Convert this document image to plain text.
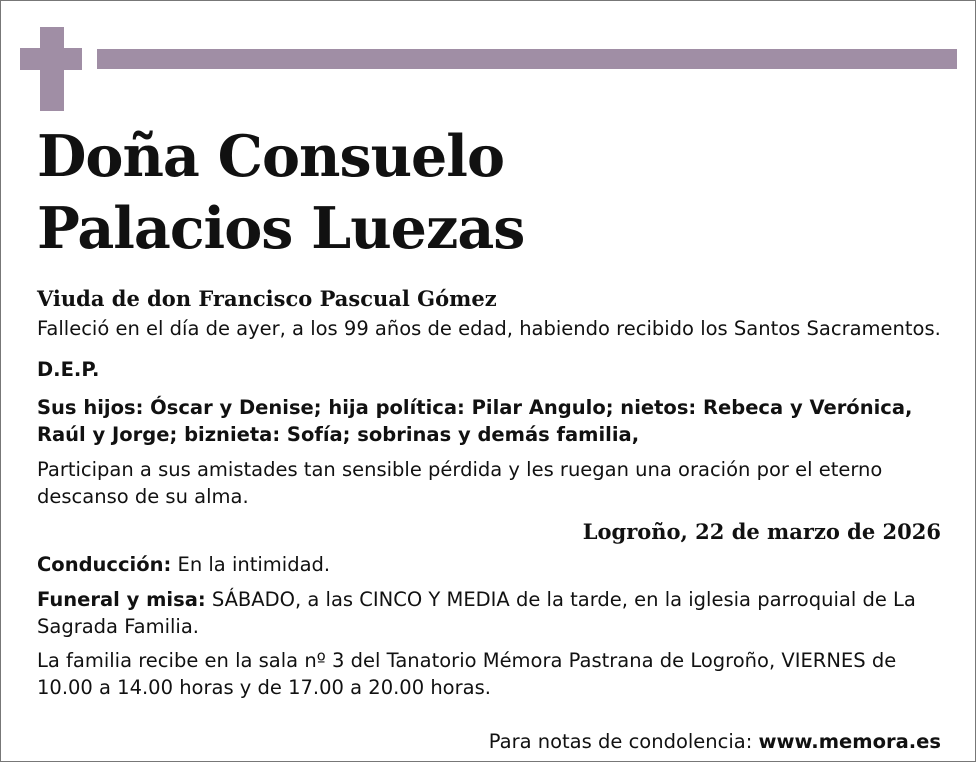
Doña Consuelo
Palacios Luezas

Viuda de don Francisco Pascual Gómez

Falleció en el día de ayer, a los 99 años de edad, habiendo recibido los Santos Sacramentos.

D.E.P.

Sus hijos: Óscar y Denise; hija política: Pilar Angulo; nietos: Rebeca y Verónica, Raúl y Jorge; biznieta: Sofía; sobrinas y demás familia,

Participan a sus amistades tan sensible pérdida y les ruegan una oración por el eterno descanso de su alma.

Logroño, 22 de marzo de 2026

Conducción: En la intimidad.

Funeral y misa: SÁBADO, a las CINCO Y MEDIA de la tarde, en la iglesia parroquial de La Sagrada Familia.

La familia recibe en la sala nº 3 del Tanatorio Mémora Pastrana de Logroño, VIERNES de 10.00 a 14.00 horas y de 17.00 a 20.00 horas.

Para notas de condolencia: www.memora.es
